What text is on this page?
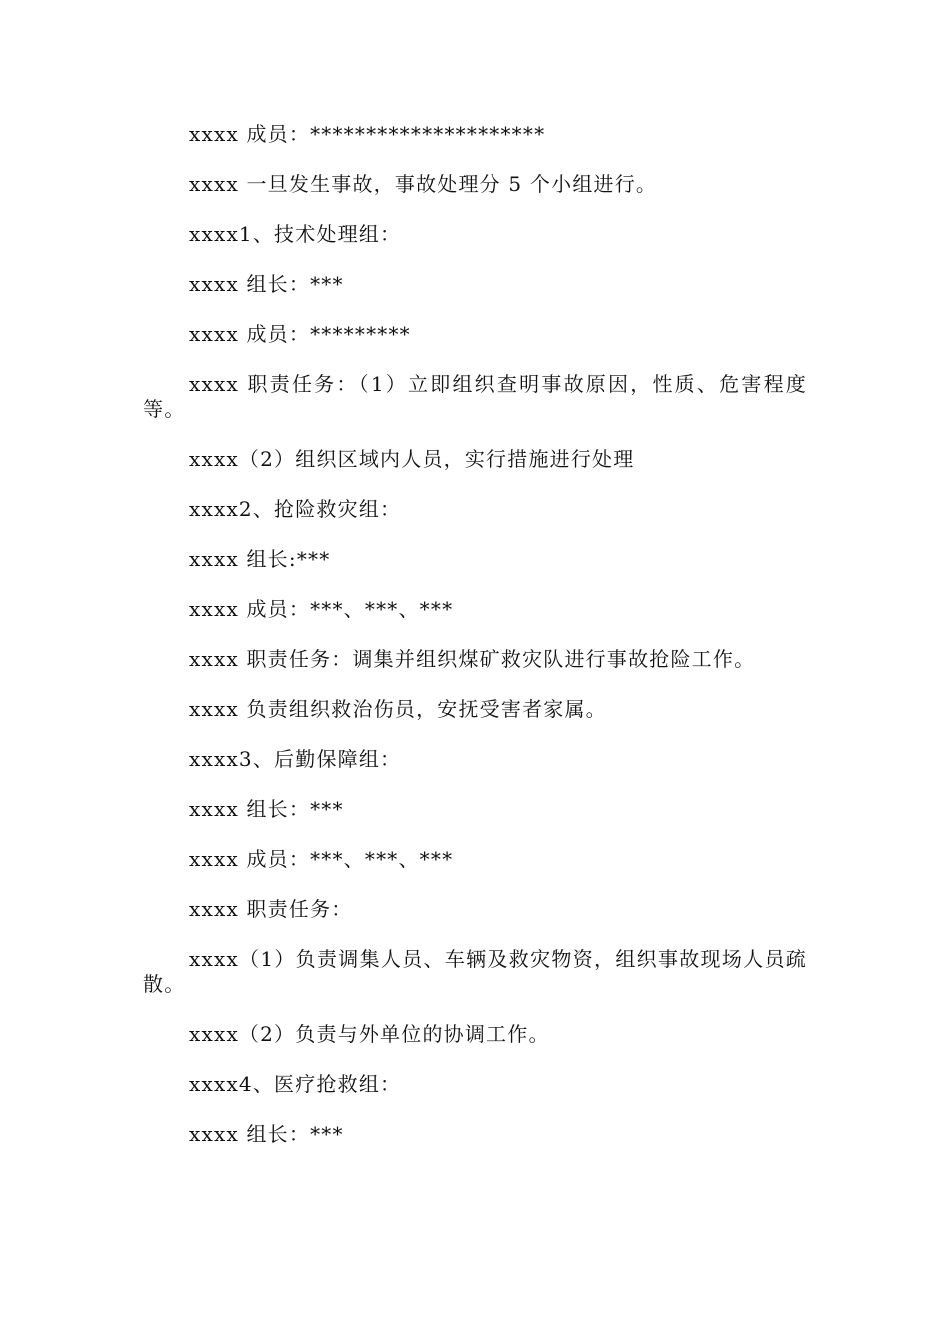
xxxx 成员：*********************

xxxx 一旦发生事故，事故处理分 5 个小组进行。

xxxx1、技术处理组：

xxxx 组长：***

xxxx 成员：*********

xxxx 职责任务：（1）立即组织查明事故原因，性质、危害程度等。

xxxx（2）组织区域内人员，实行措施进行处理

xxxx2、抢险救灾组：

xxxx 组长:***

xxxx 成员：***、***、***

xxxx 职责任务：调集并组织煤矿救灾队进行事故抢险工作。

xxxx 负责组织救治伤员，安抚受害者家属。

xxxx3、后勤保障组：

xxxx 组长：***

xxxx 成员：***、***、***

xxxx 职责任务：

xxxx（1）负责调集人员、车辆及救灾物资，组织事故现场人员疏散。

xxxx（2）负责与外单位的协调工作。

xxxx4、医疗抢救组：

xxxx 组长：***
